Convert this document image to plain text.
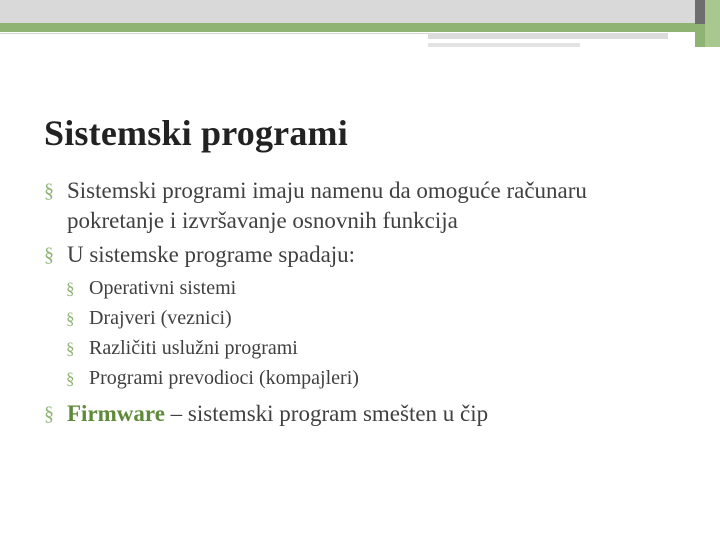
Sistemski programi
§ Sistemski programi imaju namenu da omoguće računaru pokretanje i izvršavanje osnovnih funkcija
§ U sistemske programe spadaju:
§ Operativni sistemi
§ Drajveri (veznici)
§ Različiti uslužni programi
§ Programi prevodioci (kompajleri)
§ Firmware – sistemski program smešten u čip
